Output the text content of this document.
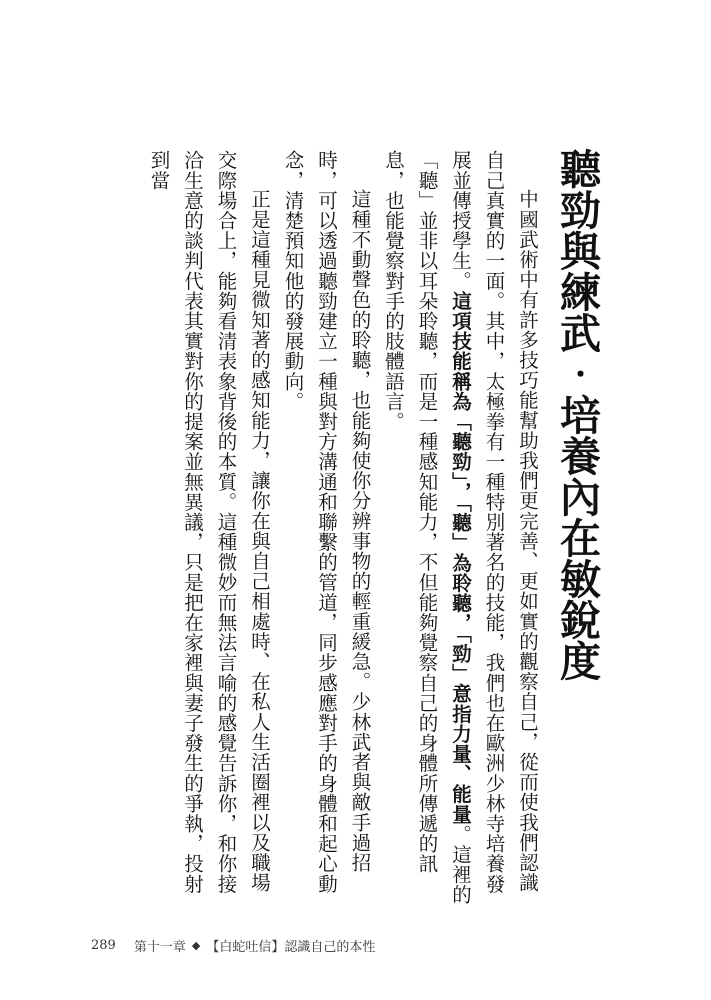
聽勁與練武‧培養內在敏銳度

中國武術中有許多技巧能幫助我們更完善、更如實的觀察自己，從而使我們認識自己真實的一面。其中，太極拳有一種特別著名的技能，我們也在歐洲少林寺培養發展並傳授學生。這項技能稱為「聽勁」，「聽」為聆聽，「勁」意指力量、能量。這裡的「聽」並非以耳朵聆聽，而是一種感知能力，不但能夠覺察自己的身體所傳遞的訊息，也能覺察對手的肢體語言。

這種不動聲色的聆聽，也能夠使你分辨事物的輕重緩急。少林武者與敵手過招時，可以透過聽勁建立一種與對方溝通和聯繫的管道，同步感應對手的身體和起心動念，清楚預知他的發展動向。

正是這種見微知著的感知能力，讓你在與自己相處時、在私人生活圈裡以及職場交際場合上，能夠看清表象背後的本質。這種微妙而無法言喻的感覺告訴你，和你接洽生意的談判代表其實對你的提案並無異議，只是把在家裡與妻子發生的爭執，投射到當

289 第十一章 ◆ 【白蛇吐信】認識自己的本性
